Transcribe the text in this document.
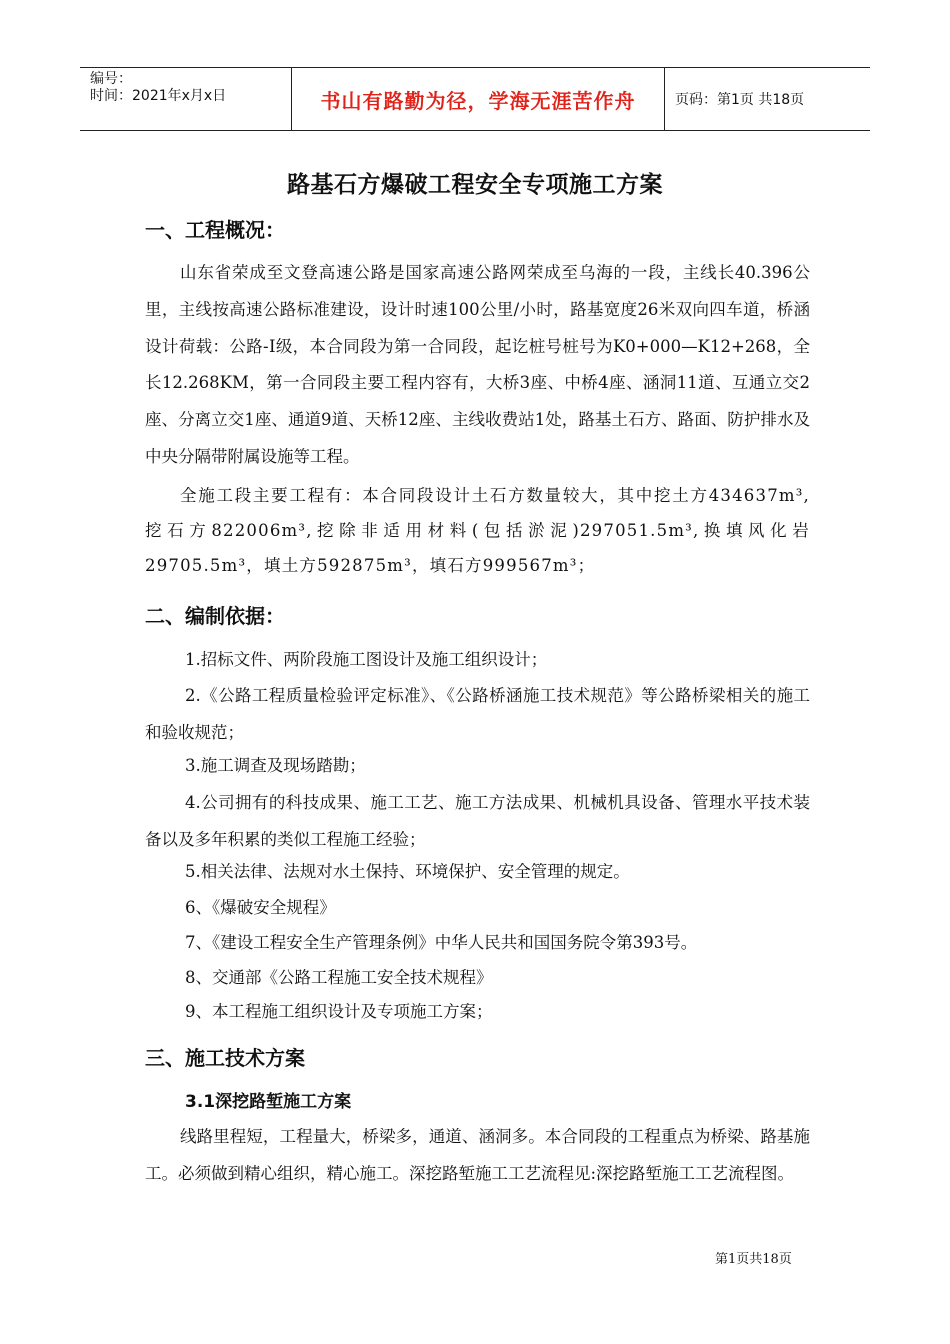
编号：
时间：2021年x月x日	书山有路勤为径，学海无涯苦作舟	页码：第1页 共18页
路基石方爆破工程安全专项施工方案
一、工程概况：
山东省荣成至文登高速公路是国家高速公路网荣成至乌海的一段，主线长40.396公里，主线按高速公路标准建设，设计时速100公里/小时，路基宽度26米双向四车道，桥涵设计荷载：公路-Ⅰ级，本合同段为第一合同段，起讫桩号桩号为K0+000—K12+268，全长12.268KM，第一合同段主要工程内容有，大桥3座、中桥4座、涵洞11道、互通立交2座、分离立交1座、通道9道、天桥12座、主线收费站1处，路基土石方、路面、防护排水及中央分隔带附属设施等工程。
全施工段主要工程有：本合同段设计土石方数量较大，其中挖土方434637m³,挖石方822006m³,挖除非适用材料(包括淤泥)297051.5m³,换填风化岩29705.5m³，填土方592875m³，填石方999567m³；
二、编制依据：
1.招标文件、两阶段施工图设计及施工组织设计；
2.《公路工程质量检验评定标准》、《公路桥涵施工技术规范》等公路桥梁相关的施工和验收规范；
3.施工调查及现场踏勘；
4.公司拥有的科技成果、施工工艺、施工方法成果、机械机具设备、管理水平技术装备以及多年积累的类似工程施工经验；
5.相关法律、法规对水土保持、环境保护、安全管理的规定。
6、《爆破安全规程》
7、《建设工程安全生产管理条例》中华人民共和国国务院令第393号。
8、交通部《公路工程施工安全技术规程》
9、本工程施工组织设计及专项施工方案；
三、施工技术方案
3.1深挖路堑施工方案
线路里程短，工程量大，桥梁多，通道、涵洞多。本合同段的工程重点为桥梁、路基施工。必须做到精心组织，精心施工。深挖路堑施工工艺流程见:深挖路堑施工工艺流程图。
第1页共18页
